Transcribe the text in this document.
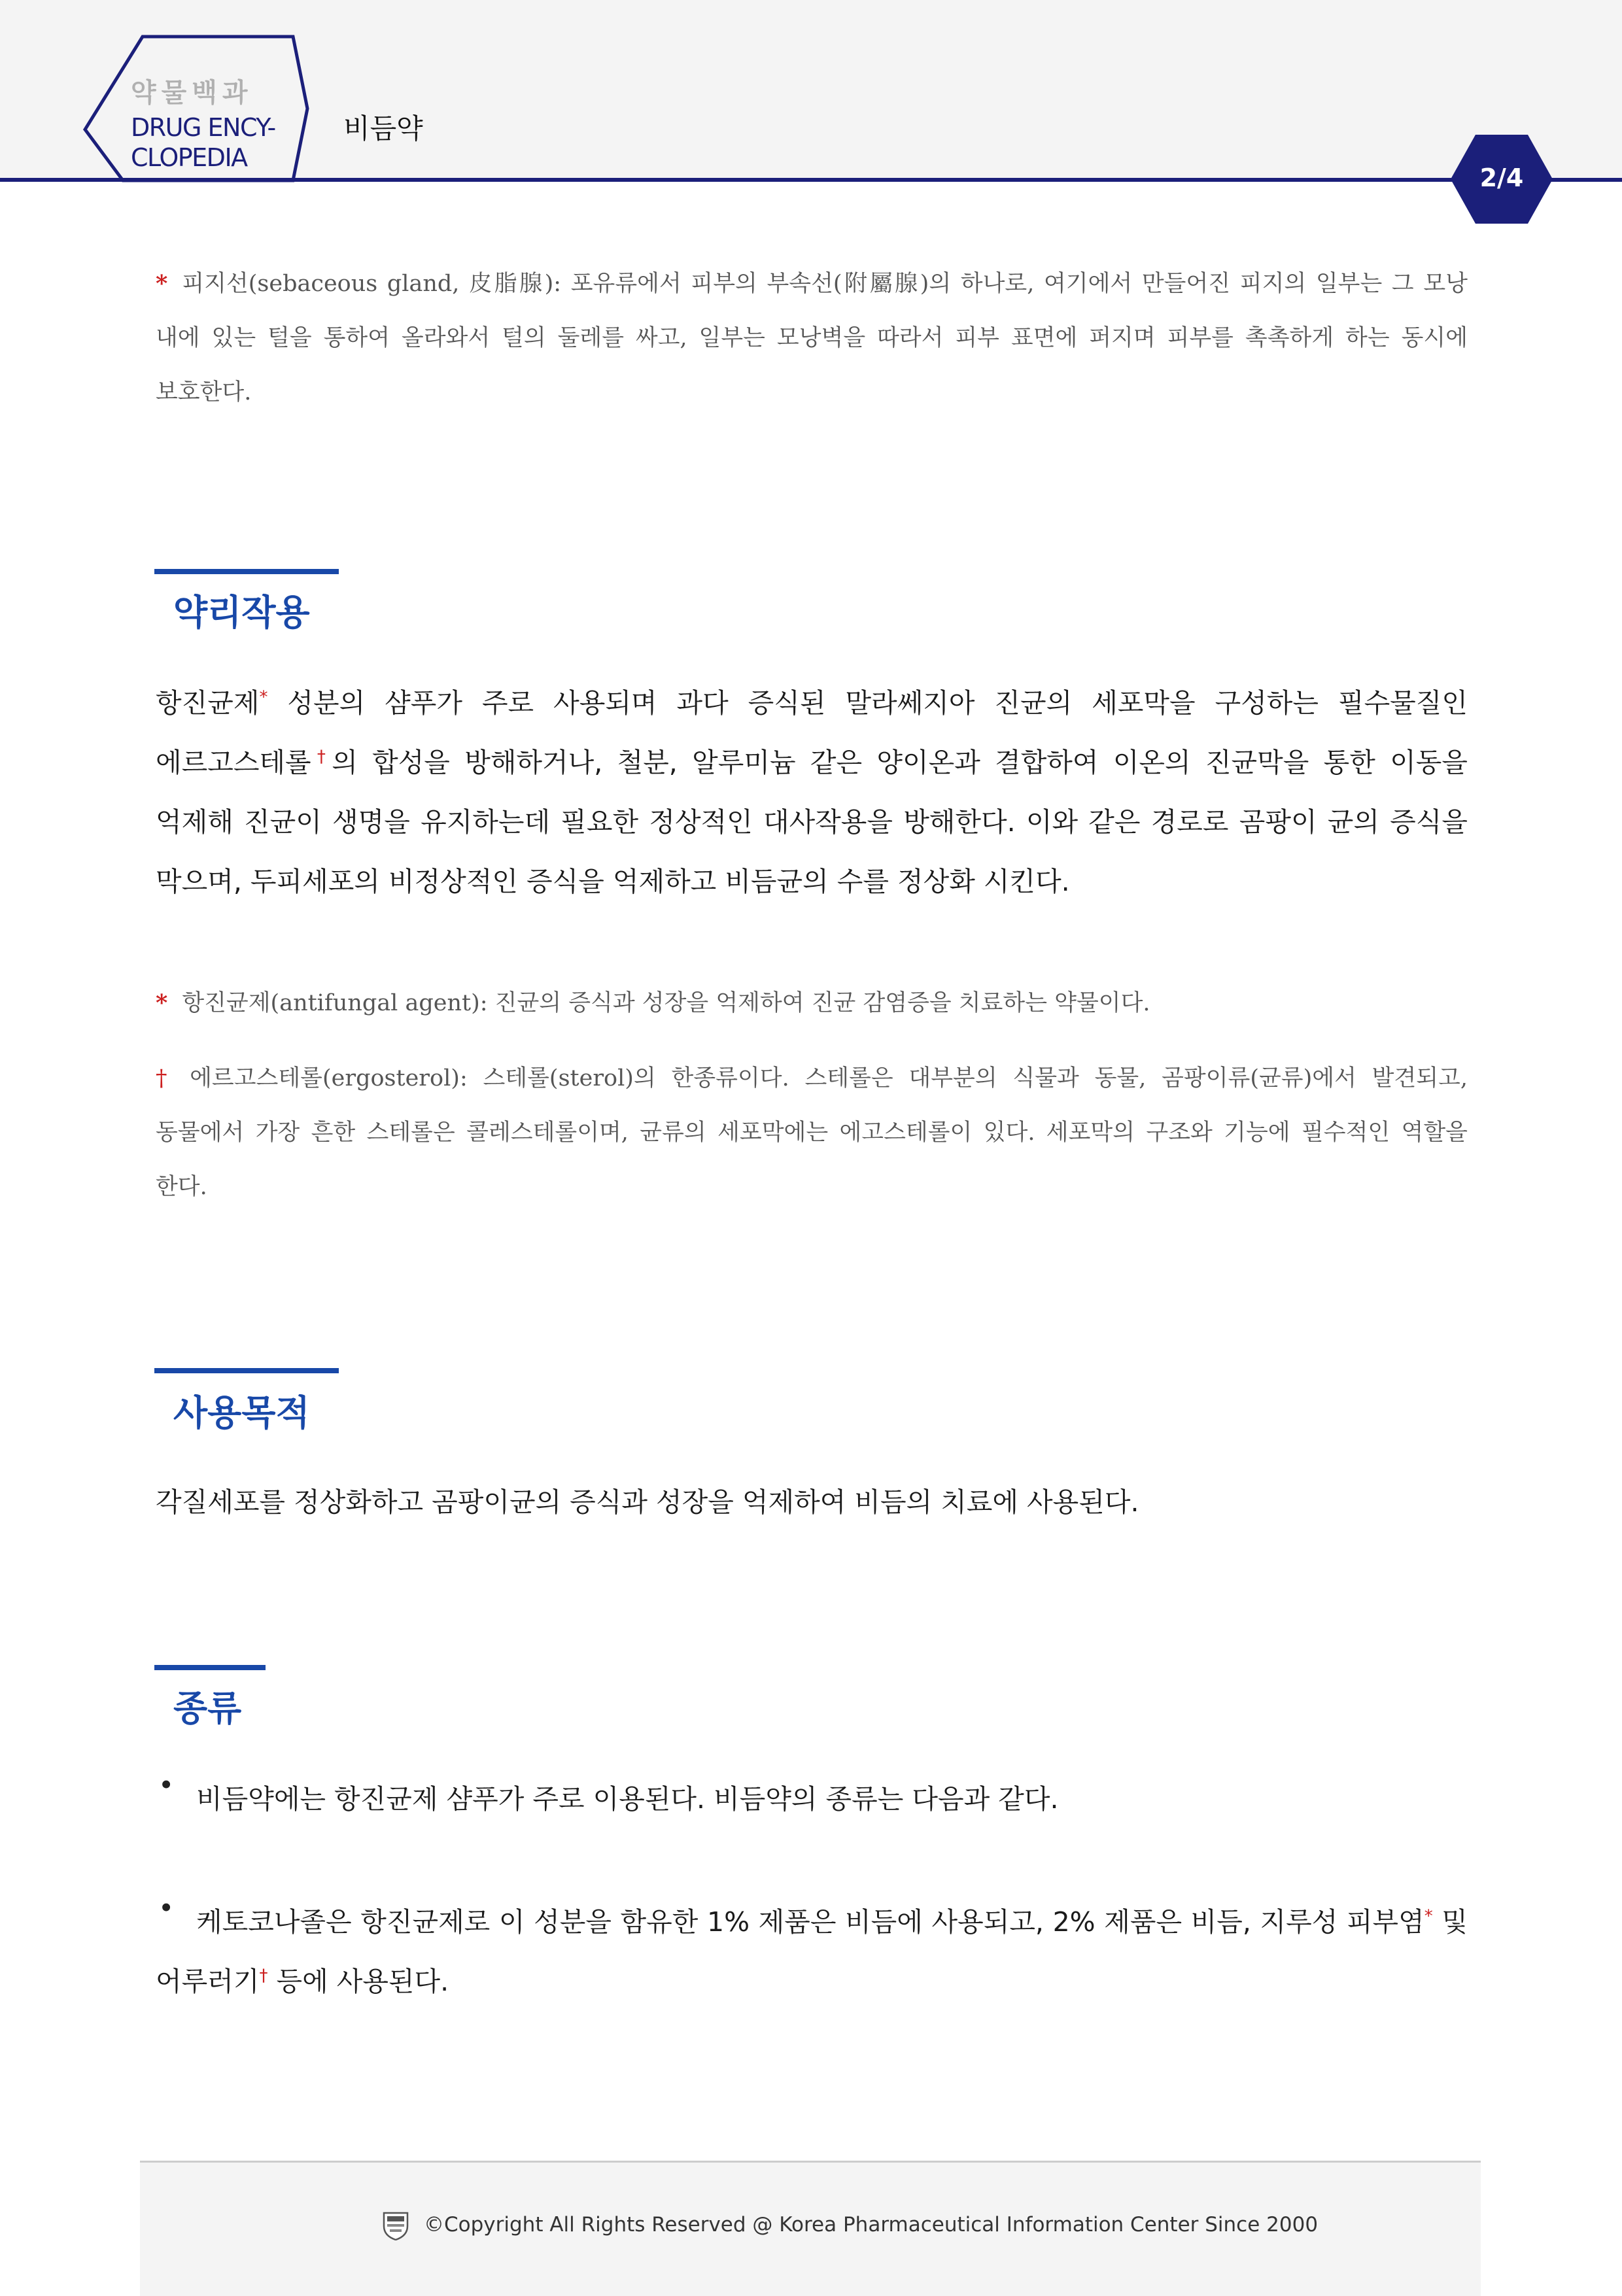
약물백과
DRUG ENCY-
CLOPEDIA
비듬약
2/4
* 피지선(sebaceous gland, 皮脂腺): 포유류에서 피부의 부속선(附屬腺)의 하나로, 여기에서 만들어진 피지의 일부는 그 모낭 내에 있는 털을 통하여 올라와서 털의 둘레를 싸고, 일부는 모낭벽을 따라서 피부 표면에 퍼지며 피부를 촉촉하게 하는 동시에 보호한다.
약리작용
항진균제* 성분의 샴푸가 주로 사용되며 과다 증식된 말라쎄지아 진균의 세포막을 구성하는 필수물질인 에르고스테롤†의 합성을 방해하거나, 철분, 알루미늄 같은 양이온과 결합하여 이온의 진균막을 통한 이동을 억제해 진균이 생명을 유지하는데 필요한 정상적인 대사작용을 방해한다. 이와 같은 경로로 곰팡이 균의 증식을 막으며, 두피세포의 비정상적인 증식을 억제하고 비듬균의 수를 정상화 시킨다.
* 항진균제(antifungal agent): 진균의 증식과 성장을 억제하여 진균 감염증을 치료하는 약물이다.
† 에르고스테롤(ergosterol): 스테롤(sterol)의 한종류이다. 스테롤은 대부분의 식물과 동물, 곰팡이류(균류)에서 발견되고, 동물에서 가장 흔한 스테롤은 콜레스테롤이며, 균류의 세포막에는 에고스테롤이 있다. 세포막의 구조와 기능에 필수적인 역할을 한다.
사용목적
각질세포를 정상화하고 곰팡이균의 증식과 성장을 억제하여 비듬의 치료에 사용된다.
종류
• 비듬약에는 항진균제 샴푸가 주로 이용된다. 비듬약의 종류는 다음과 같다.
• 케토코나졸은 항진균제로 이 성분을 함유한 1% 제품은 비듬에 사용되고, 2% 제품은 비듬, 지루성 피부염* 및 어루러기† 등에 사용된다.
©Copyright All Rights Reserved @ Korea Pharmaceutical Information Center Since 2000
